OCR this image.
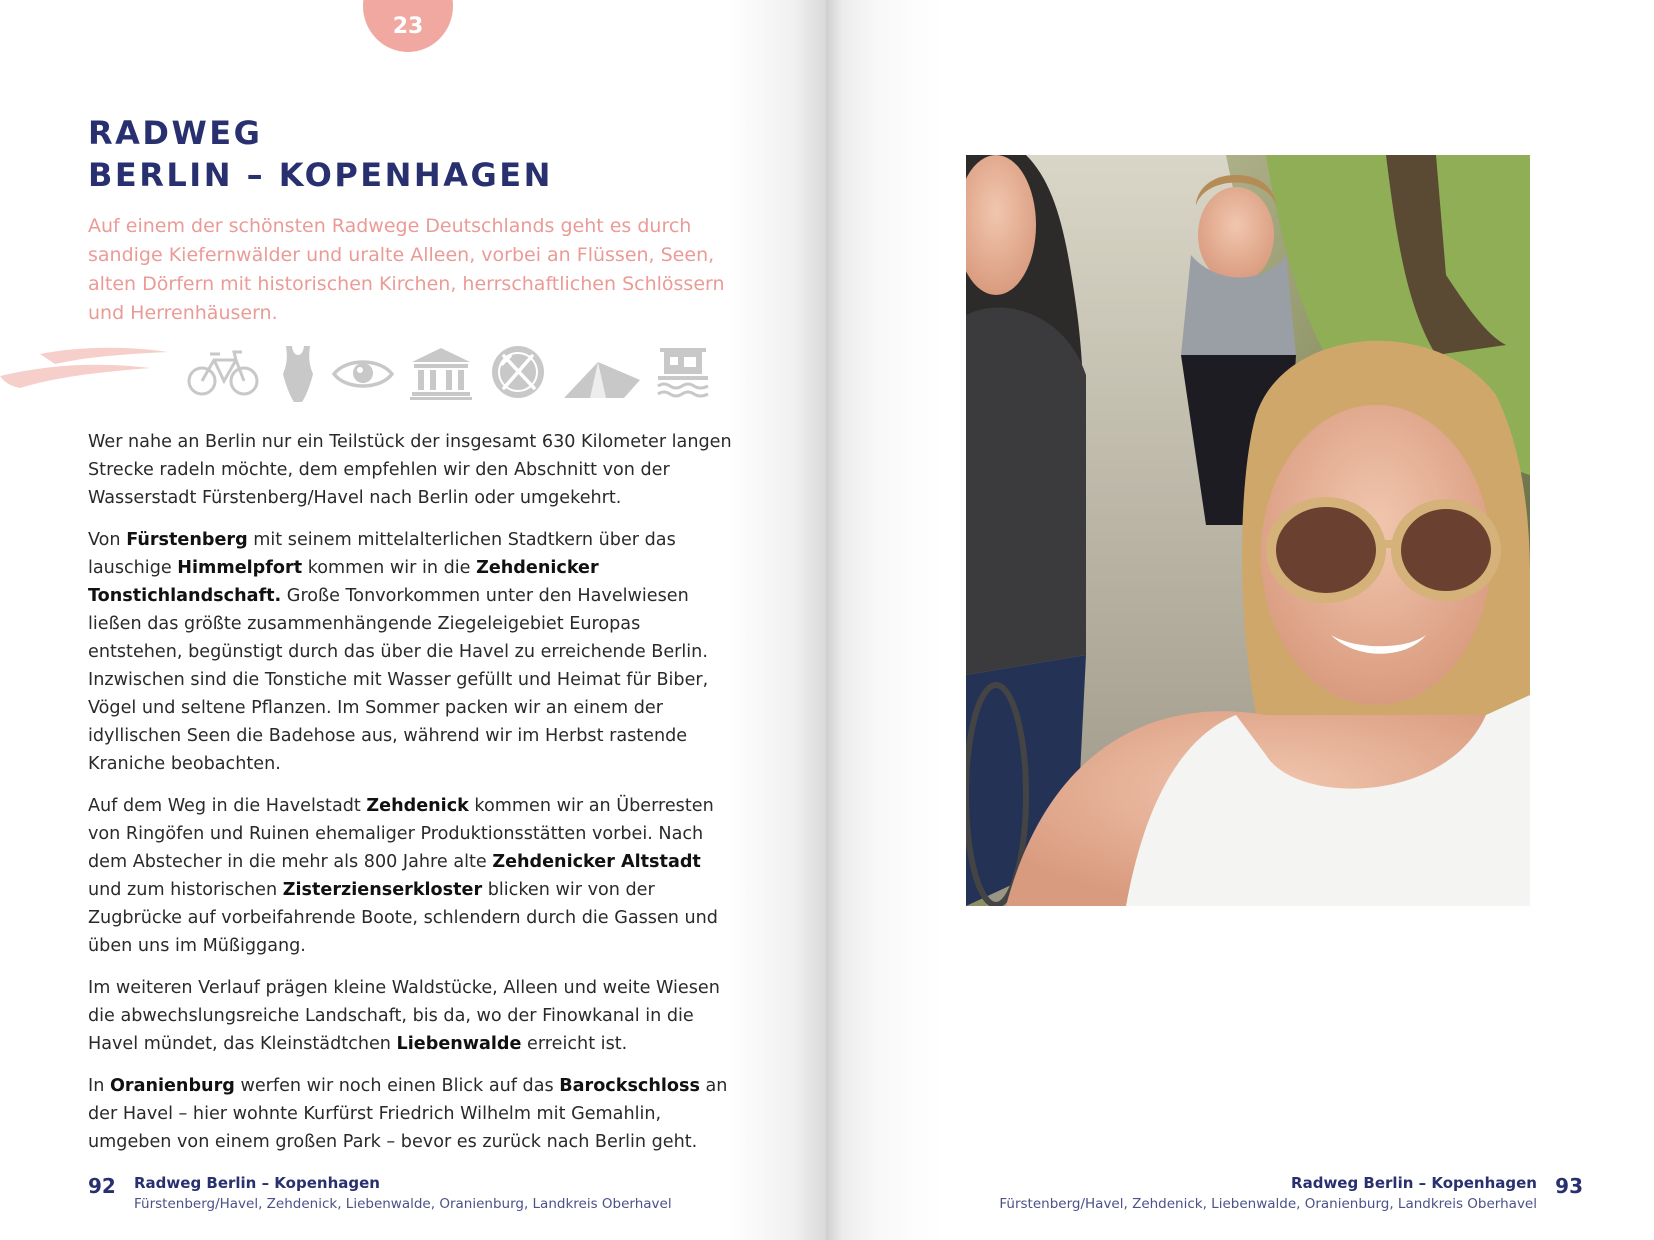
23
RADWEG
BERLIN – KOPENHAGEN

Auf einem der schönsten Radwege Deutschlands geht es durch sandige Kiefernwälder und uralte Alleen, vorbei an Flüssen, Seen, alten Dörfern mit historischen Kirchen, herrschaftlichen Schlössern und Herrenhäusern.

Wer nahe an Berlin nur ein Teilstück der insgesamt 630 Kilometer langen Strecke radeln möchte, dem empfehlen wir den Abschnitt von der Wasserstadt Fürstenberg/Havel nach Berlin oder umgekehrt.

Von Fürstenberg mit seinem mittelalterlichen Stadtkern über das lauschige Himmelpfort kommen wir in die Zehdenicker Tonstichlandschaft. Große Tonvorkommen unter den Havelwiesen ließen das größte zusammenhängende Ziegeleigebiet Europas entstehen, begünstigt durch das über die Havel zu erreichende Berlin. Inzwischen sind die Tonstiche mit Wasser gefüllt und Heimat für Biber, Vögel und seltene Pflanzen. Im Sommer packen wir an einem der idyllischen Seen die Badehose aus, während wir im Herbst rastende Kraniche beobachten.

Auf dem Weg in die Havelstadt Zehdenick kommen wir an Überresten von Ringöfen und Ruinen ehemaliger Produktionsstätten vorbei. Nach dem Abstecher in die mehr als 800 Jahre alte Zehdenicker Altstadt und zum historischen Zisterzienserkloster blicken wir von der Zugbrücke auf vorbeifahrende Boote, schlendern durch die Gassen und üben uns im Müßiggang.

Im weiteren Verlauf prägen kleine Waldstücke, Alleen und weite Wiesen die abwechslungsreiche Landschaft, bis da, wo der Finowkanal in die Havel mündet, das Kleinstädtchen Liebenwalde erreicht ist.

In Oranienburg werfen wir noch einen Blick auf das Barockschloss an der Havel – hier wohnte Kurfürst Friedrich Wilhelm mit Gemahlin, umgeben von einem großen Park – bevor es zurück nach Berlin geht.

92 Radweg Berlin – Kopenhagen
Fürstenberg/Havel, Zehdenick, Liebenwalde, Oranienburg, Landkreis Oberhavel
Radweg Berlin – Kopenhagen
Fürstenberg/Havel, Zehdenick, Liebenwalde, Oranienburg, Landkreis Oberhavel
93
